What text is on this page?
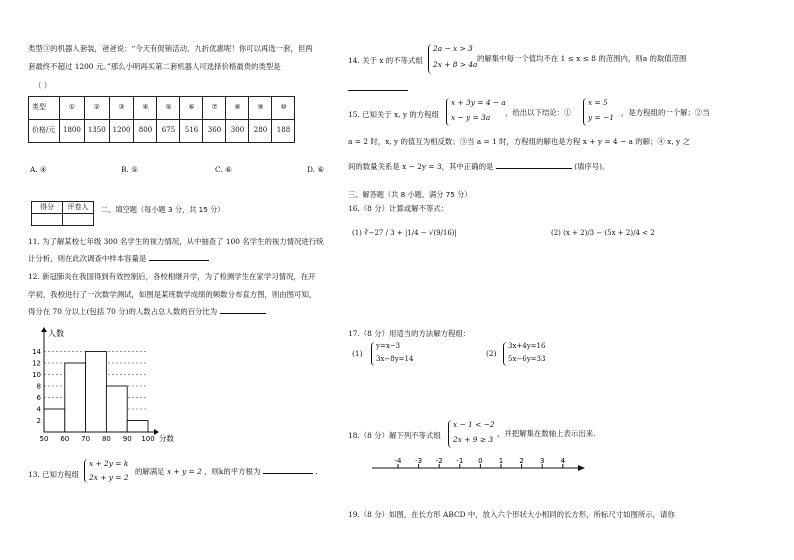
类型③的机器人套装，爸爸说：“今天有促销活动，九折优惠呢！你可以再选一套，但两
套最终不超过 1200 元。”那么小明再买第二套机器人可选择价格最贵的类型是
（ ）
类型	①	②	③	④	⑤	⑥	⑦	⑧	⑨	⑩
价格/元	1800	1350	1200	800	675	516	360	300	280	188
A. ④	B. ⑤	C. ⑥	D. ⑥
得分	评卷人
	二、填空题（每小题 3 分，共 15 分）
11. 为了解某校七年级 300 名学生的视力情况，从中抽查了 100 名学生的视力情况进行统
计分析，则在此次调查中样本容量是
12. 新冠肺炎在我国得到有效控制后，各校相继开学，为了检测学生在家学习情况，在开
学初，我校进行了一次数学测试，如图是某班数学成绩的频数分布直方图，则由图可知，
得分在 70 分以上(包括 70 分)的人数占总人数的百分比为
2
4
6
8
10
12
14
50 60 70 80 90 100
人数
分数
13. 已知方程组
x + 2y = k
2x + y = 2
的解满足 x + y = 2 ，则k的平方根为	.
14. 关于 x 的不等式组
2a − x > 3
2x + 8 > 4a
的解集中每一个值均不在 1 ≤ x ≤ 8 的范围内，则a 的取值范围
15. 已知关于 x, y 的方程组
x + 3y = 4 − a
x − y = 3a
，给出以下结论：①
x = 5
y = −1
，是方程组的一个解；②当
a = 2 时，x, y 的值互为相反数；③当 a = 1 时，方程组的解也是方程 x + y = 4 − a 的解；④ x, y 之
间的数量关系是 x − 2y = 3，其中正确的是	(填序号)。
三、解答题（共 8 小题，满分 75 分）
16.（8 分）计算或解不等式：
(1) ∛−27 / 3 + |1/4 − √(9/16)|	(2) (x + 2)/3 − (5x + 2)/4 < 2
17.（8 分）用适当的方法解方程组：
(1)
y=x−3
3x−8y=14
(2)
3x+4y=16
5x−6y=33
18.（8 分）解下列不等式组
x − 1 < −2
2x + 9 ≥ 3
，并把解集在数轴上表示出来.
-4 -3 -2 -1 0 1 2 3 4
19.（8 分）如图，在长方形 ABCD 中，放入六个形状大小相同的长方形，所标尺寸如图所示，请你
